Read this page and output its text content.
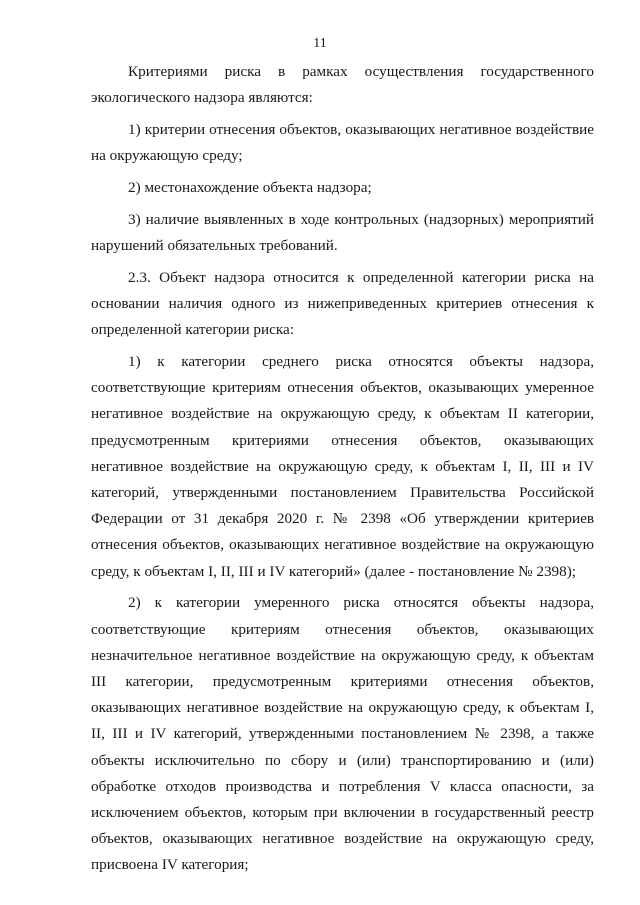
11

Критериями риска в рамках осуществления государственного экологического надзора являются:

1) критерии отнесения объектов, оказывающих негативное воздействие на окружающую среду;

2) местонахождение объекта надзора;

3) наличие выявленных в ходе контрольных (надзорных) мероприятий нарушений обязательных требований.

2.3. Объект надзора относится к определенной категории риска на основании наличия одного из нижеприведенных критериев отнесения к определенной категории риска:

1) к категории среднего риска относятся объекты надзора, соответствующие критериям отнесения объектов, оказывающих умеренное негативное воздействие на окружающую среду, к объектам II категории, предусмотренным критериями отнесения объектов, оказывающих негативное воздействие на окружающую среду, к объектам I, II, III и IV категорий, утвержденными постановлением Правительства Российской Федерации от 31 декабря 2020 г. № 2398 «Об утверждении критериев отнесения объектов, оказывающих негативное воздействие на окружающую среду, к объектам I, II, III и IV категорий» (далее - постановление № 2398);

2) к категории умеренного риска относятся объекты надзора, соответствующие критериям отнесения объектов, оказывающих незначительное негативное воздействие на окружающую среду, к объектам III категории, предусмотренным критериями отнесения объектов, оказывающих негативное воздействие на окружающую среду, к объектам I, II, III и IV категорий, утвержденными постановлением № 2398, а также объекты исключительно по сбору и (или) транспортированию и (или) обработке отходов производства и потребления V класса опасности, за исключением объектов, которым при включении в государственный реестр объектов, оказывающих негативное воздействие на окружающую среду, присвоена IV категория;
